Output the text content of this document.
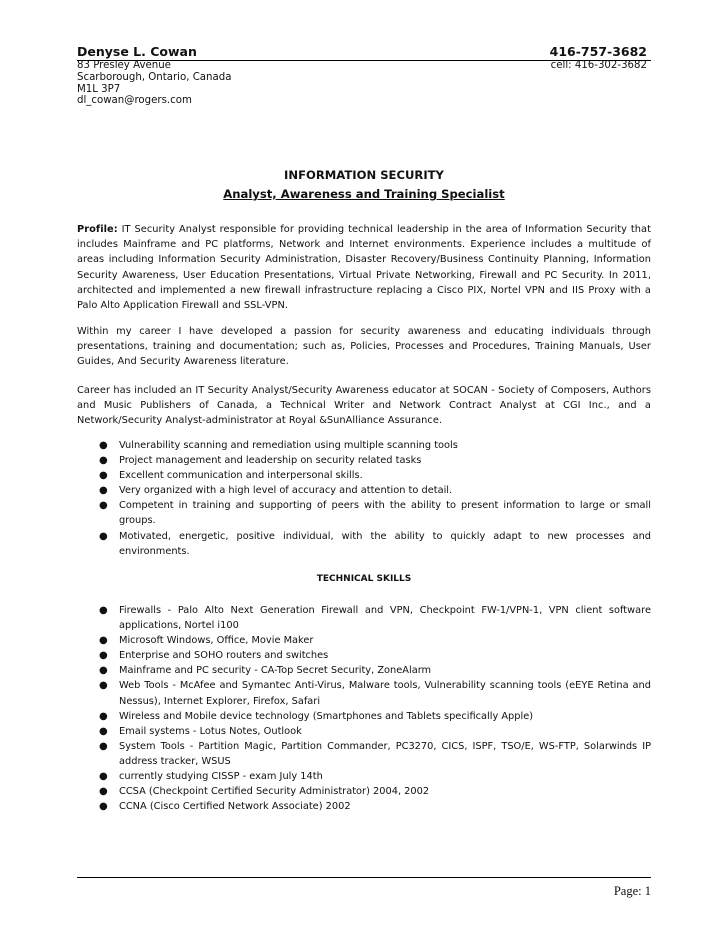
Denyse L. Cowan	416-757-3682
83 Presley Avenue
Scarborough, Ontario, Canada
M1L 3P7
dl_cowan@rogers.com
cell: 416-302-3682
INFORMATION SECURITY
Analyst, Awareness and Training Specialist
Profile: IT Security Analyst responsible for providing technical leadership in the area of Information Security that includes Mainframe and PC platforms, Network and Internet environments. Experience includes a multitude of areas including Information Security Administration, Disaster Recovery/Business Continuity Planning, Information Security Awareness, User Education Presentations, Virtual Private Networking, Firewall and PC Security. In 2011, architected and implemented a new firewall infrastructure replacing a Cisco PIX, Nortel VPN and IIS Proxy with a Palo Alto Application Firewall and SSL-VPN.
Within my career I have developed a passion for security awareness and educating individuals through presentations, training and documentation; such as, Policies, Processes and Procedures, Training Manuals, User Guides, And Security Awareness literature.
Career has included an IT Security Analyst/Security Awareness educator at SOCAN - Society of Composers, Authors and Music Publishers of Canada, a Technical Writer and Network Contract Analyst at CGI Inc., and a Network/Security Analyst-administrator at Royal &SunAlliance Assurance.
● Vulnerability scanning and remediation using multiple scanning tools
● Project management and leadership on security related tasks
● Excellent communication and interpersonal skills.
● Very organized with a high level of accuracy and attention to detail.
● Competent in training and supporting of peers with the ability to present information to large or small groups.
● Motivated, energetic, positive individual, with the ability to quickly adapt to new processes and environments.
TECHNICAL SKILLS
● Firewalls - Palo Alto Next Generation Firewall and VPN, Checkpoint FW-1/VPN-1, VPN client software applications, Nortel i100
● Microsoft Windows, Office, Movie Maker
● Enterprise and SOHO routers and switches
● Mainframe and PC security - CA-Top Secret Security, ZoneAlarm
● Web Tools - McAfee and Symantec Anti-Virus, Malware tools, Vulnerability scanning tools (eEYE Retina and Nessus), Internet Explorer, Firefox, Safari
● Wireless and Mobile device technology (Smartphones and Tablets specifically Apple)
● Email systems - Lotus Notes, Outlook
● System Tools - Partition Magic, Partition Commander, PC3270, CICS, ISPF, TSO/E, WS-FTP, Solarwinds IP address tracker, WSUS
● currently studying CISSP - exam July 14th
● CCSA (Checkpoint Certified Security Administrator) 2004, 2002
● CCNA (Cisco Certified Network Associate) 2002
Page: 1
